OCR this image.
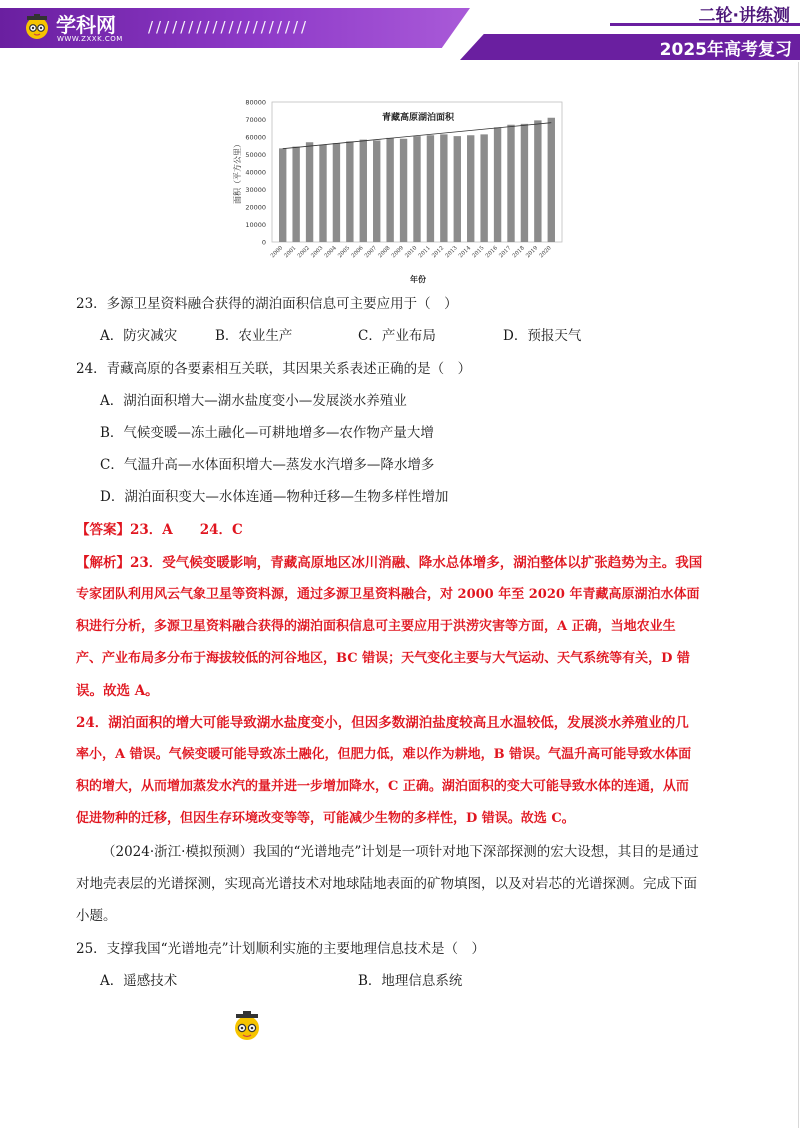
学科网
WWW.ZXXK.COM
////////////////////
二轮·讲练测
2025年高考复习
青藏高原湖泊面积
0
10000
20000
30000
40000
50000
60000
70000
80000
2000 2001 2002 2003 2004 2005 2006 2007 2008 2009 2010 2011 2012 2013 2014 2015 2016 2017 2018 2019 2020
面积（平方公里）
年份
23．多源卫星资料融合获得的湖泊面积信息可主要应用于（　）
A．防灾减灾	B．农业生产	C．产业布局	D．预报天气
24．青藏高原的各要素相互关联，其因果关系表述正确的是（　）
A．湖泊面积增大—湖水盐度变小—发展淡水养殖业
B．气候变暖—冻土融化—可耕地增多—农作物产量大增
C．气温升高—水体面积增大—蒸发水汽增多—降水增多
D．湖泊面积变大—水体连通—物种迁移—生物多样性增加
【答案】23．A　　24．C
【解析】23．受气候变暖影响，青藏高原地区冰川消融、降水总体增多，湖泊整体以扩张趋势为主。我国
专家团队利用风云气象卫星等资料源，通过多源卫星资料融合，对 2000 年至 2020 年青藏高原湖泊水体面
积进行分析，多源卫星资料融合获得的湖泊面积信息可主要应用于洪涝灾害等方面，A 正确，当地农业生
产、产业布局多分布于海拔较低的河谷地区，BC 错误；天气变化主要与大气运动、天气系统等有关，D 错
误。故选 A。
24．湖泊面积的增大可能导致湖水盐度变小，但因多数湖泊盐度较高且水温较低，发展淡水养殖业的几
率小，A 错误。气候变暖可能导致冻土融化，但肥力低，难以作为耕地，B 错误。气温升高可能导致水体面
积的增大，从而增加蒸发水汽的量并进一步增加降水，C 正确。湖泊面积的变大可能导致水体的连通，从而
促进物种的迁移，但因生存环境改变等等，可能减少生物的多样性，D 错误。故选 C。
（2024·浙江·模拟预测）我国的“光谱地壳”计划是一项针对地下深部探测的宏大设想，其目的是通过
对地壳表层的光谱探测，实现高光谱技术对地球陆地表面的矿物填图，以及对岩芯的光谱探测。完成下面
小题。
25．支撑我国“光谱地壳”计划顺利实施的主要地理信息技术是（　）
A．遥感技术	B．地理信息系统
